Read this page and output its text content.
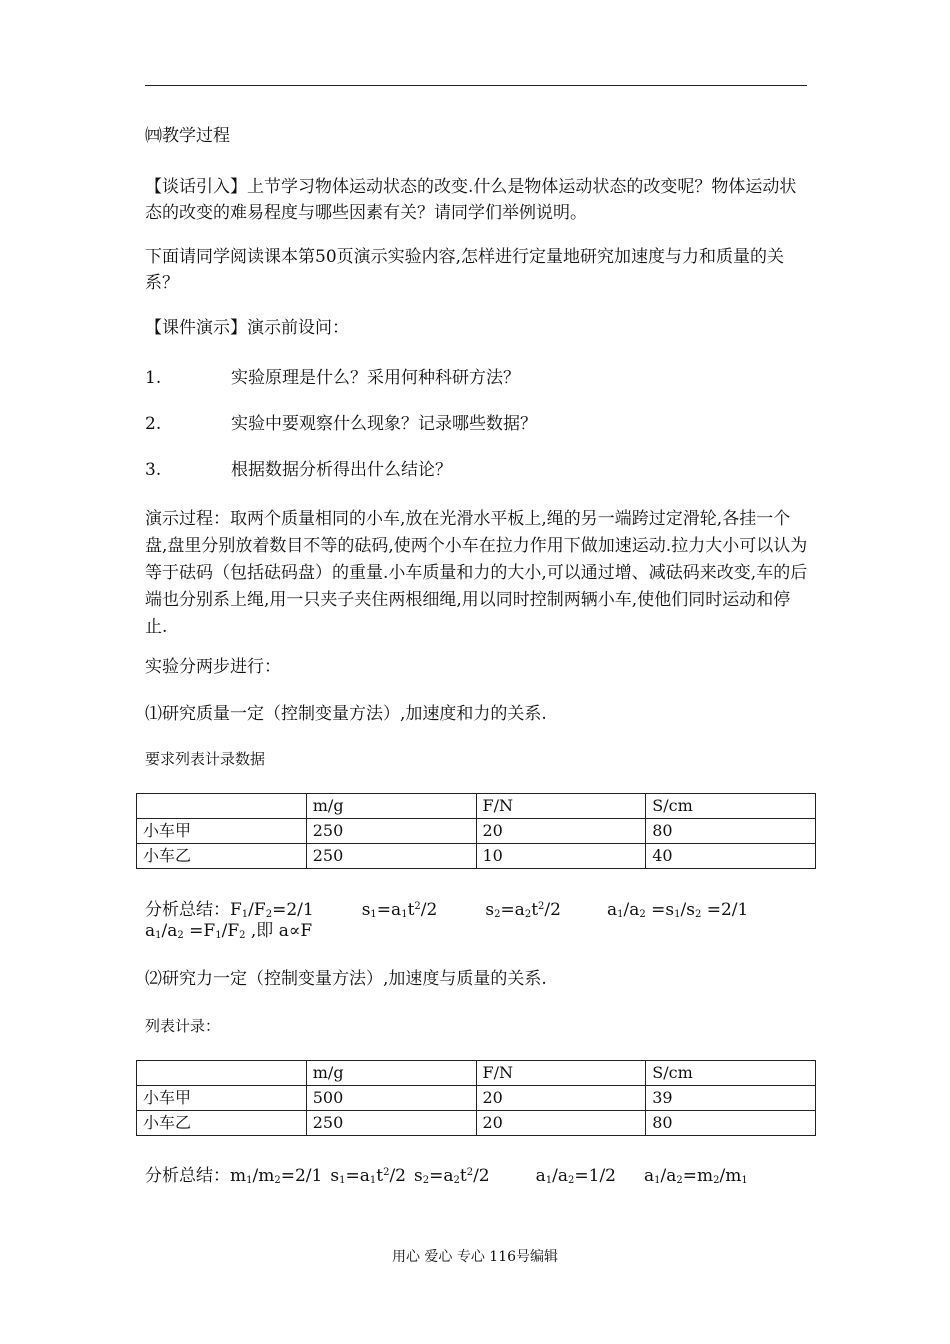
㈣教学过程
【谈话引入】上节学习物体运动状态的改变.什么是物体运动状态的改变呢？物体运动状态的改变的难易程度与哪些因素有关？请同学们举例说明。
下面请同学阅读课本第50页演示实验内容,怎样进行定量地研究加速度与力和质量的关系？
【课件演示】演示前设问：
1.	实验原理是什么？采用何种科研方法？
2.	实验中要观察什么现象？记录哪些数据？
3.	根据数据分析得出什么结论？
演示过程：取两个质量相同的小车,放在光滑水平板上,绳的另一端跨过定滑轮,各挂一个盘,盘里分别放着数目不等的砝码,使两个小车在拉力作用下做加速运动.拉力大小可以认为等于砝码（包括砝码盘）的重量.小车质量和力的大小,可以通过增、减砝码来改变,车的后端也分别系上绳,用一只夹子夹住两根细绳,用以同时控制两辆小车,使他们同时运动和停止.
实验分两步进行：
⑴研究质量一定（控制变量方法）,加速度和力的关系.
要求列表计录数据
	m/g	F/N	S/cm
小车甲	250	20	80
小车乙	250	10	40
分析总结：$F_1/F_2=2/1$	$s_1=a_1t^2/2$	$s_2=a_2t^2/2$	$a_1/a_2 =s_1/s_2 =2/1$
$a_1/a_2 =F_1/F_2$ ,即 a∝F
⑵研究力一定（控制变量方法）,加速度与质量的关系.
列表计录：
	m/g	F/N	S/cm
小车甲	500	20	39
小车乙	250	20	80
分析总结：$m_1/m_2=2/1$ $s_1=a_1t^2/2$ $s_2=a_2t^2/2$	$a_1/a_2=1/2$ $a_1/a_2=m_2/m_1$
用心 爱心 专心 116号编辑
